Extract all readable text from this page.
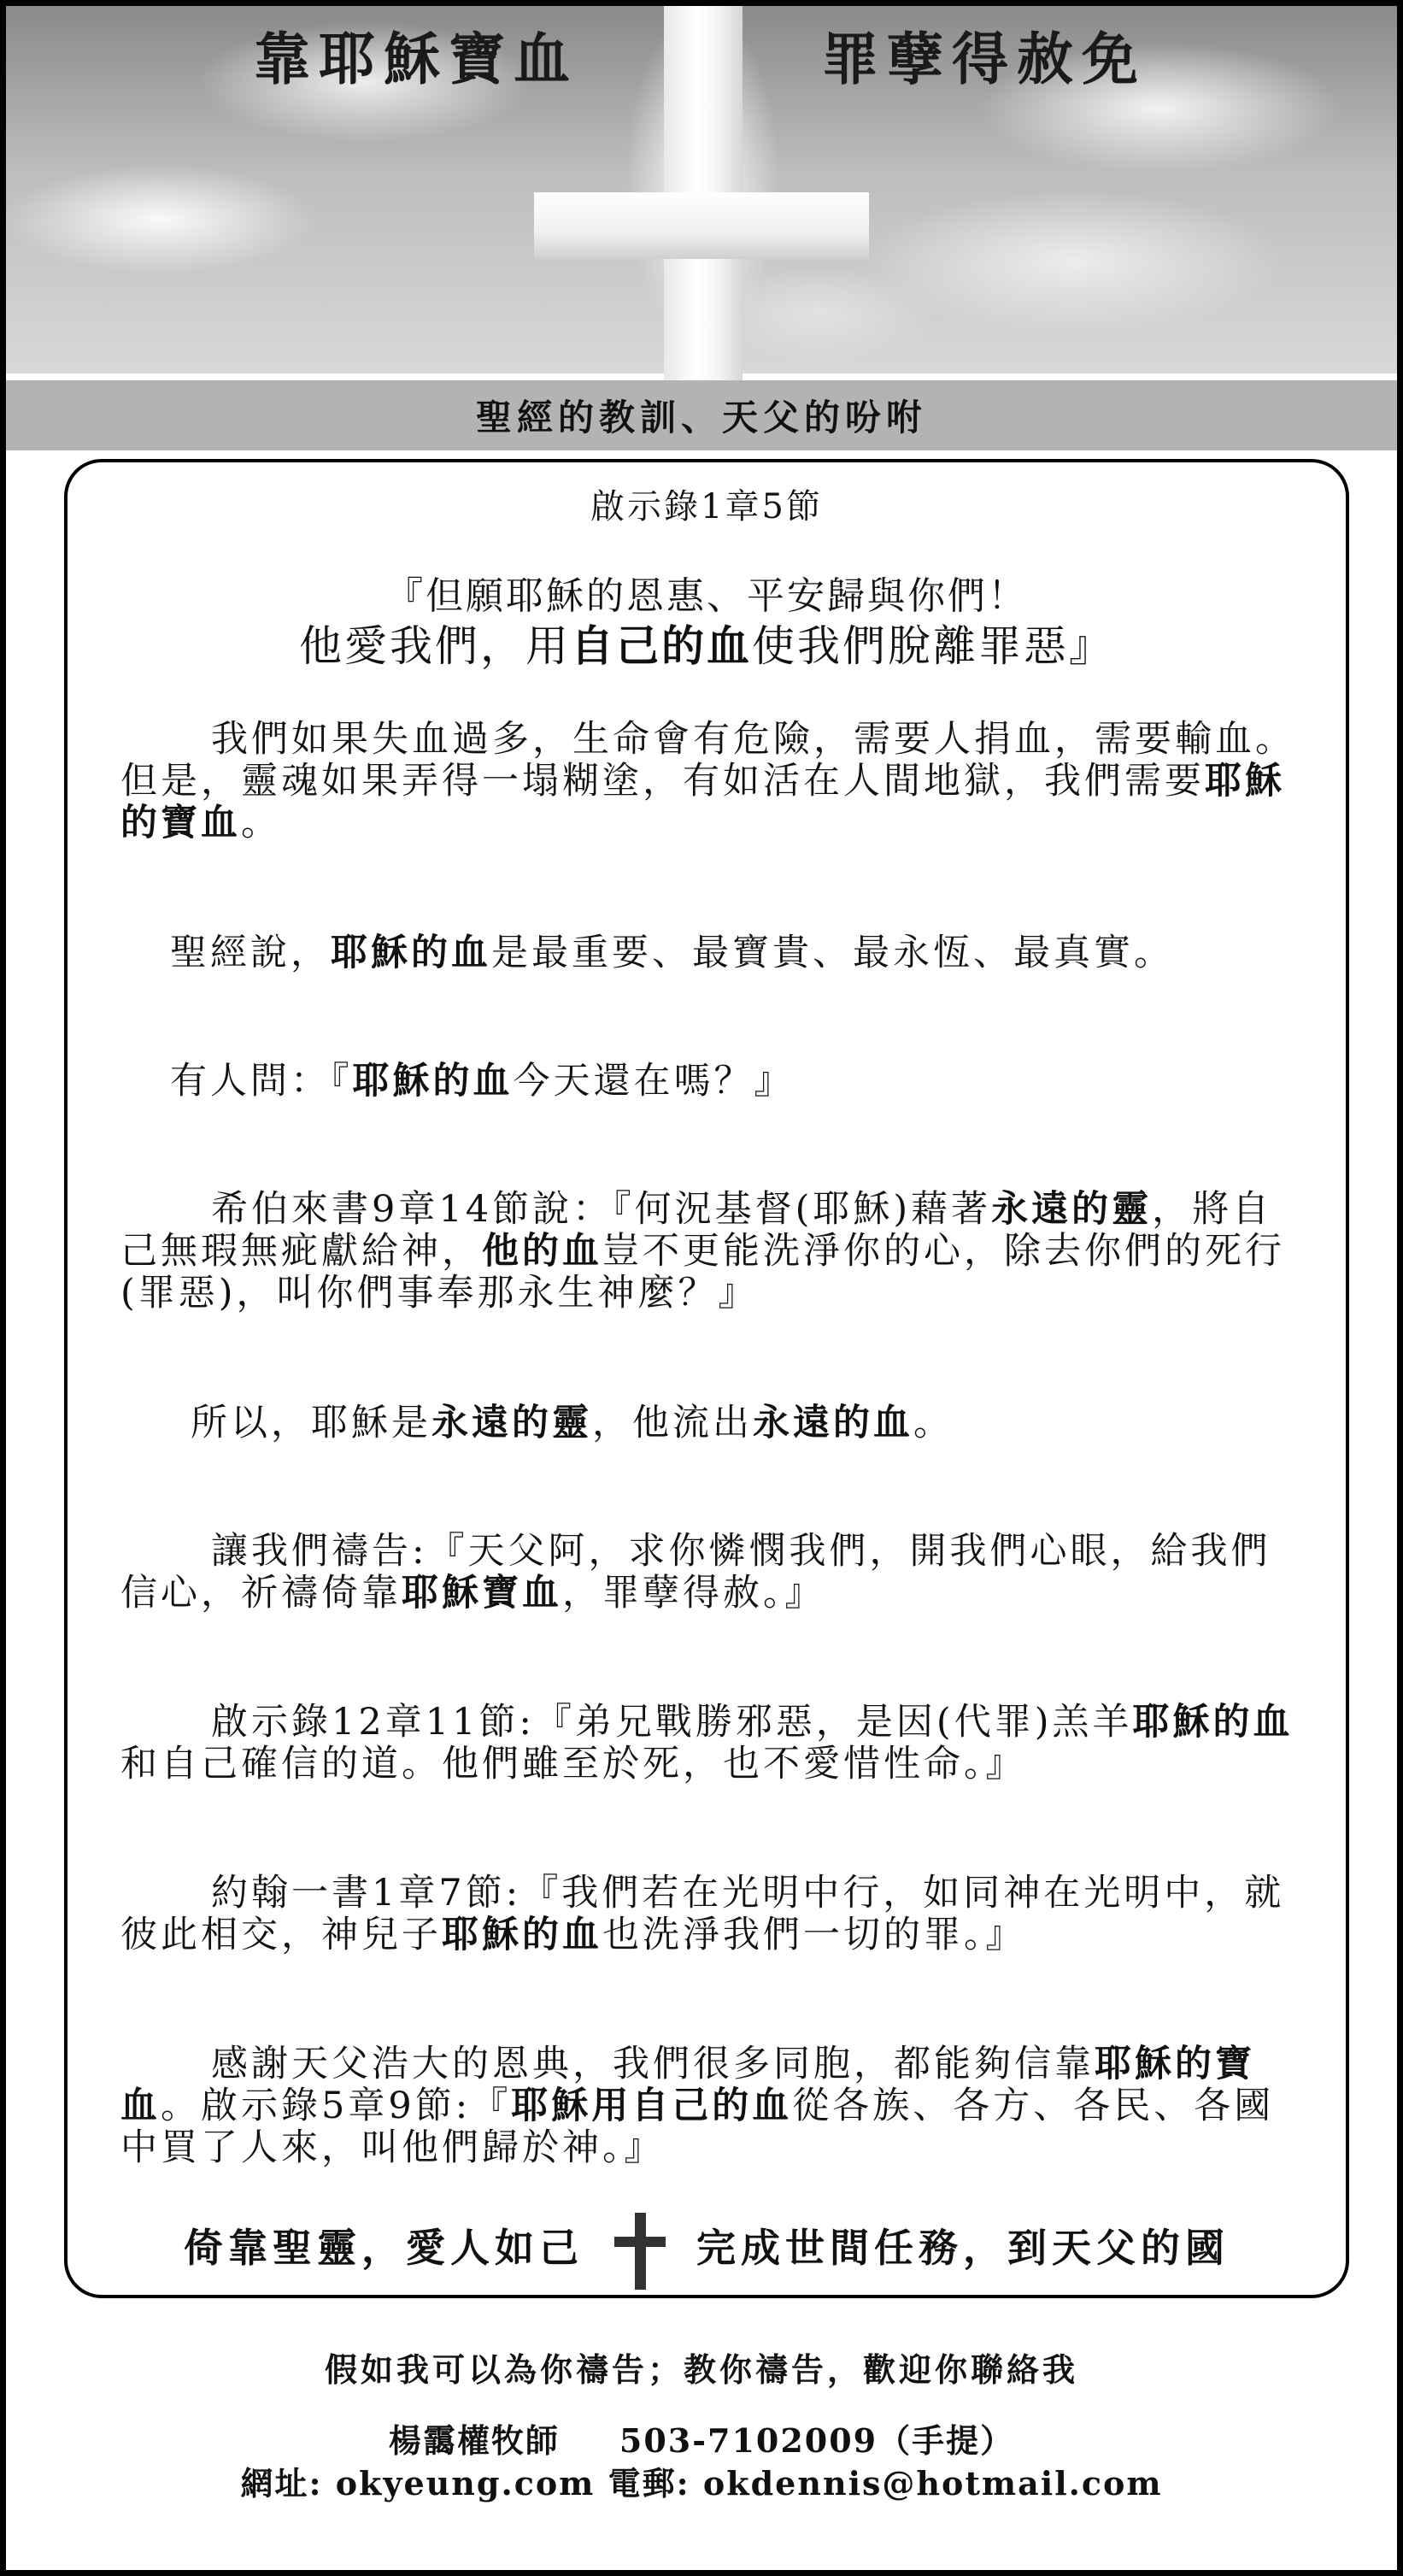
靠耶穌寶血	罪孽得赦免
聖經的教訓、天父的吩咐
啟示錄1章5節
『但願耶穌的恩惠、平安歸與你們！
他愛我們，用自己的血使我們脫離罪惡』
我們如果失血過多，生命會有危險，需要人捐血，需要輸血。但是，靈魂如果弄得一塌糊塗，有如活在人間地獄，我們需要耶穌的寶血。
聖經說，耶穌的血是最重要、最寶貴、最永恆、最真實。
有人問：『耶穌的血今天還在嗎？』
希伯來書9章14節說：『何況基督(耶穌)藉著永遠的靈，將自己無瑕無疵獻給神，他的血豈不更能洗淨你的心，除去你們的死行(罪惡)，叫你們事奉那永生神麼？』
所以，耶穌是永遠的靈，他流出永遠的血。
讓我們禱告:『天父阿，求你憐憫我們，開我們心眼，給我們信心，祈禱倚靠耶穌寶血，罪孽得赦。』
啟示錄12章11節:『弟兄戰勝邪惡，是因(代罪)羔羊耶穌的血和自己確信的道。他們雖至於死，也不愛惜性命。』
約翰一書1章7節:『我們若在光明中行，如同神在光明中，就彼此相交，神兒子耶穌的血也洗淨我們一切的罪。』
感謝天父浩大的恩典，我們很多同胞，都能夠信靠耶穌的寶血。啟示錄5章9節:『耶穌用自己的血從各族、各方、各民、各國中買了人來，叫他們歸於神。』
倚靠聖靈，愛人如己	完成世間任務，到天父的國
假如我可以為你禱告；教你禱告，歡迎你聯絡我
楊靄權牧師 503-7102009（手提）
網址: okyeung.com 電郵: okdennis@hotmail.com
